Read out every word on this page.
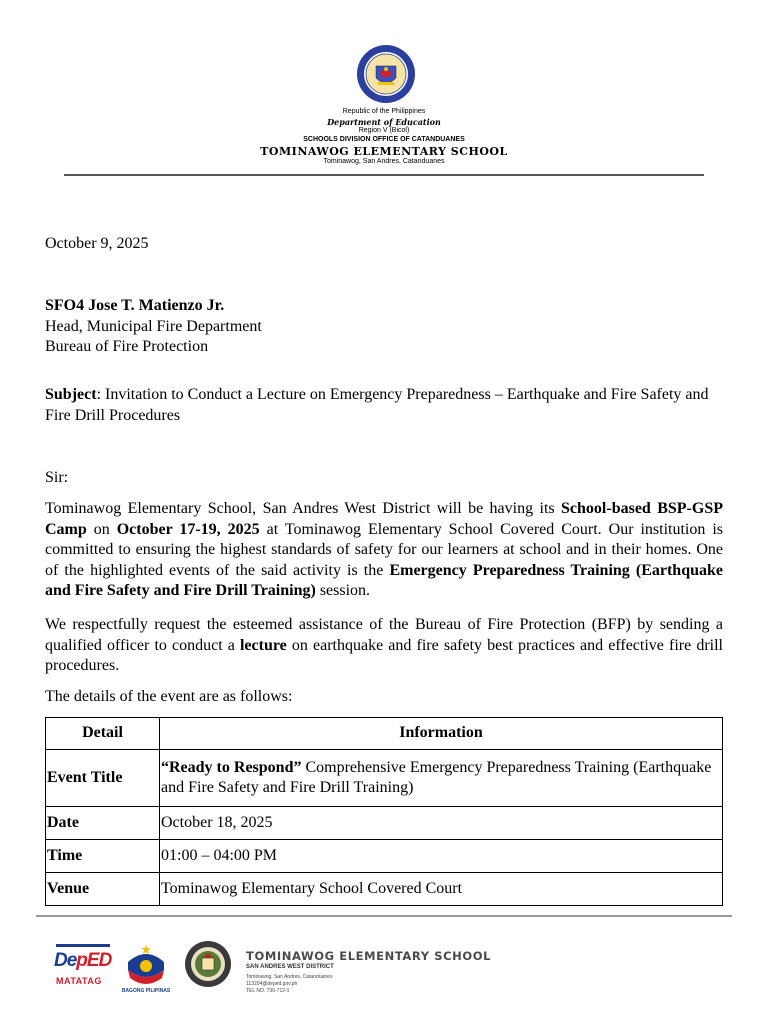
Republic of the Philippines
Department of Education
Region V (Bicol)
SCHOOLS DIVISION OFFICE OF CATANDUANES
TOMINAWOG ELEMENTARY SCHOOL
Tominawog, San Andres, Catanduanes
October 9, 2025
SFO4 Jose T. Matienzo Jr.
Head, Municipal Fire Department
Bureau of Fire Protection
Subject: Invitation to Conduct a Lecture on Emergency Preparedness – Earthquake and Fire Safety and Fire Drill Procedures
Sir:
Tominawog Elementary School, San Andres West District will be having its School-based BSP-GSP Camp on October 17-19, 2025 at Tominawog Elementary School Covered Court. Our institution is committed to ensuring the highest standards of safety for our learners at school and in their homes. One of the highlighted events of the said activity is the Emergency Preparedness Training (Earthquake and Fire Safety and Fire Drill Training) session.
We respectfully request the esteemed assistance of the Bureau of Fire Protection (BFP) by sending a qualified officer to conduct a lecture on earthquake and fire safety best practices and effective fire drill procedures.
The details of the event are as follows:
Detail	Information
Event Title	“Ready to Respond” Comprehensive Emergency Preparedness Training (Earthquake and Fire Safety and Fire Drill Training)
Date	October 18, 2025
Time	01:00 – 04:00 PM
Venue	Tominawog Elementary School Covered Court
DepED
MATATAG
BAGONG PILIPINAS
TOMINAWOG ELEMENTARY SCHOOL
SAN ANDRES WEST DISTRICT
Tominawog, San Andres, Catanduanes
113204@deped.gov.ph
TEL NO. 730-712-1
